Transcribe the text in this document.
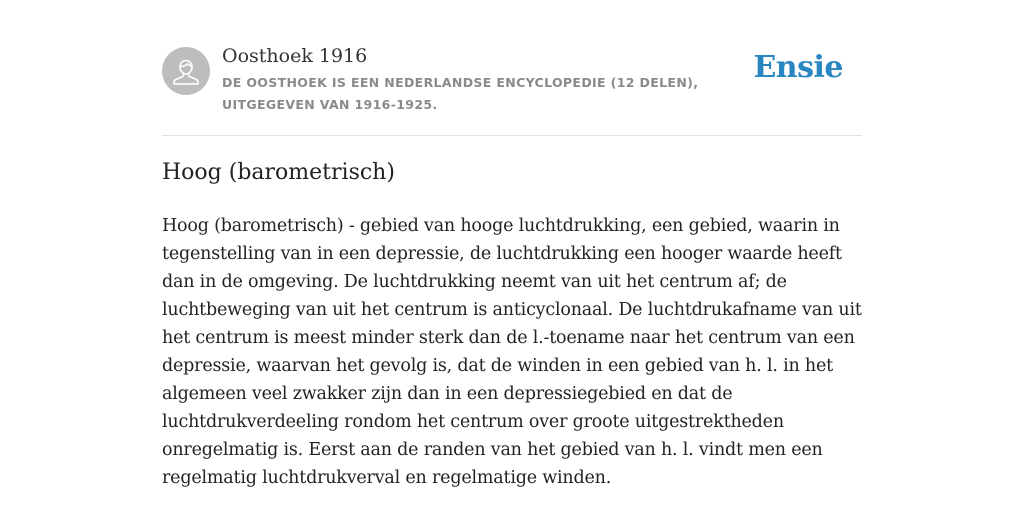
Oosthoek 1916
DE OOSTHOEK IS EEN NEDERLANDSE ENCYCLOPEDIE (12 DELEN), UITGEGEVEN VAN 1916-1925.
Ensie
Hoog (barometrisch)

Hoog (barometrisch) - gebied van hooge luchtdrukking, een gebied, waarin in tegenstelling van in een depressie, de luchtdrukking een hooger waarde heeft dan in de omgeving. De luchtdrukking neemt van uit het centrum af; de luchtbeweging van uit het centrum is anticyclonaal. De luchtdrukafname van uit het centrum is meest minder sterk dan de l.-toename naar het centrum van een depressie, waarvan het gevolg is, dat de winden in een gebied van h. l. in het algemeen veel zwakker zijn dan in een depressiegebied en dat de luchtdrukverdeeling rondom het centrum over groote uitgestrektheden onregelmatig is. Eerst aan de randen van het gebied van h. l. vindt men een regelmatig luchtdrukverval en regelmatige winden.
